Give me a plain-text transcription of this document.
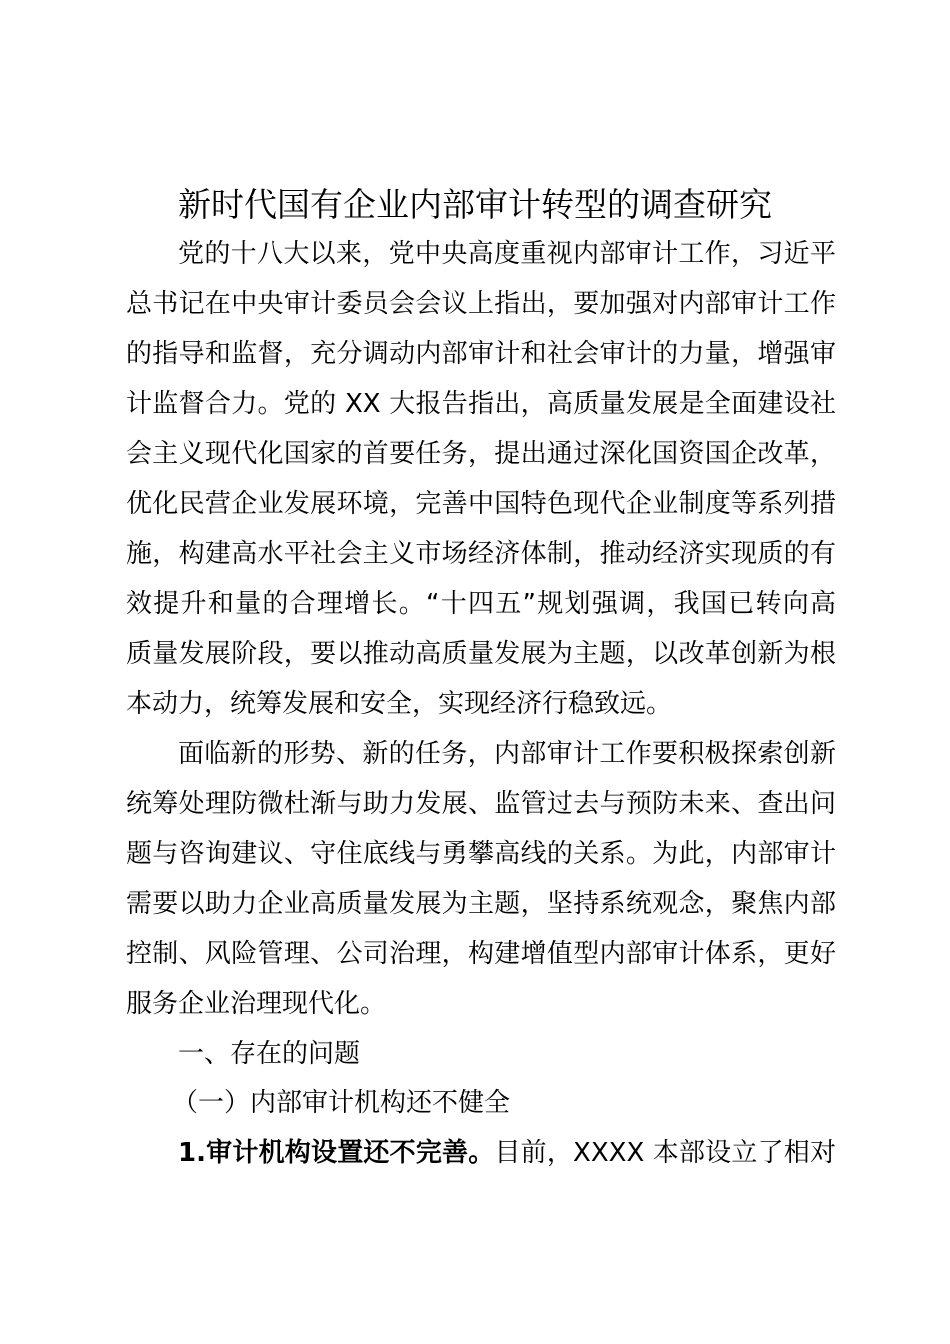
新时代国有企业内部审计转型的调查研究
党的十八大以来，党中央高度重视内部审计工作，习近平
总书记在中央审计委员会会议上指出，要加强对内部审计工作
的指导和监督，充分调动内部审计和社会审计的力量，增强审
计监督合力。党的 XX 大报告指出，高质量发展是全面建设社
会主义现代化国家的首要任务，提出通过深化国资国企改革，
优化民营企业发展环境，完善中国特色现代企业制度等系列措
施，构建高水平社会主义市场经济体制，推动经济实现质的有
效提升和量的合理增长。“十四五”规划强调，我国已转向高
质量发展阶段，要以推动高质量发展为主题，以改革创新为根
本动力，统筹发展和安全，实现经济行稳致远。
面临新的形势、新的任务，内部审计工作要积极探索创新
统筹处理防微杜渐与助力发展、监管过去与预防未来、查出问
题与咨询建议、守住底线与勇攀高线的关系。为此，内部审计
需要以助力企业高质量发展为主题，坚持系统观念，聚焦内部
控制、风险管理、公司治理，构建增值型内部审计体系，更好
服务企业治理现代化。
一、存在的问题
（一）内部审计机构还不健全
1.审计机构设置还不完善。目前，XXXX 本部设立了相对
